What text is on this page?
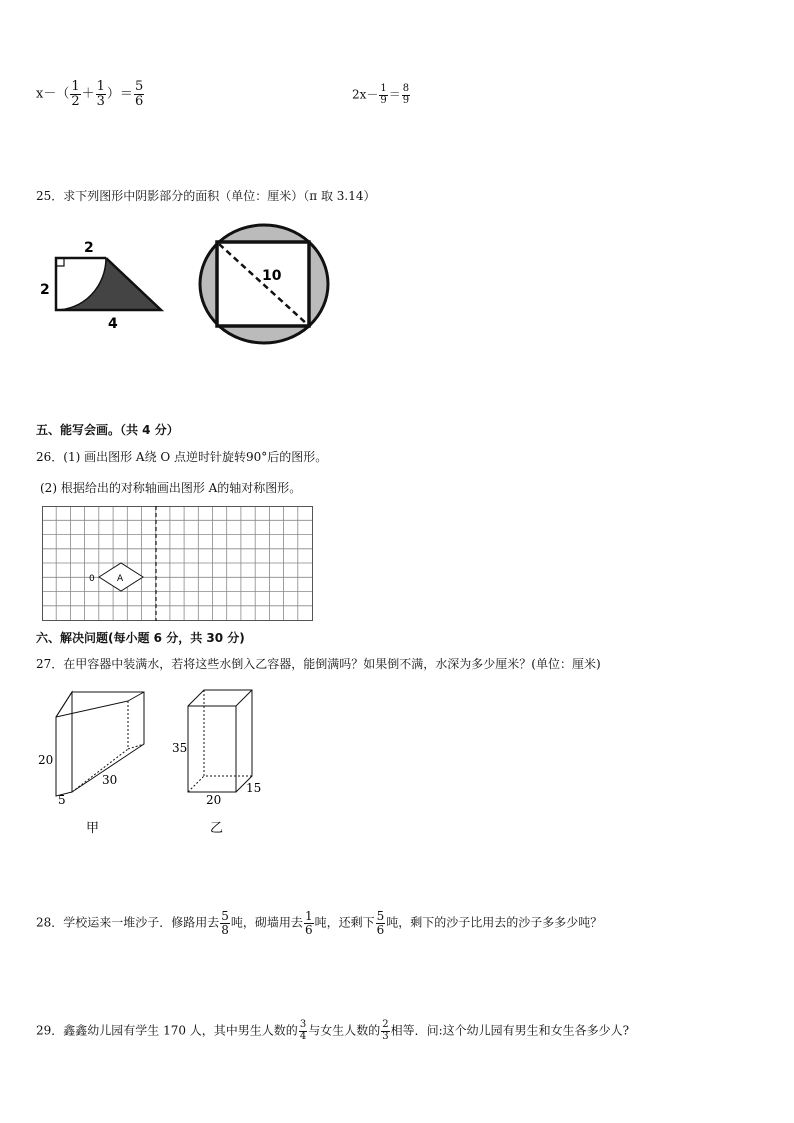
$x-( \frac{1}{2} + \frac{1}{3}$ ）＝ $\frac{5}{6}$	$2x- \frac{1}{9} = \frac{8}{9}$
25．求下列图形中阴影部分的面积（单位：厘米）（π 取 3.14）
2
2
4
10
五、能写会画。（共 4 分）
26．(1) 画出图形 A绕 O 点逆时针旋转90°后的图形。
(2) 根据给出的对称轴画出图形 A的轴对称图形。
0 A
六、解决问题(每小题 6 分，共 30 分)
27．在甲容器中装满水，若将这些水倒入乙容器，能倒满吗？如果倒不满，水深为多少厘米？(单位：厘米)
20
30
5
甲
35
20
15
乙
28．学校运来一堆沙子．修路用去 $\frac{5}{8}$ 吨，砌墙用去 $\frac{1}{6}$ 吨，还剩下 $\frac{5}{6}$ 吨，剩下的沙子比用去的沙子多多少吨？
29．鑫鑫幼儿园有学生 170 人，其中男生人数的 $\frac{3}{4}$ 与女生人数的 $\frac{2}{3}$ 相等．问:这个幼儿园有男生和女生各多少人?
